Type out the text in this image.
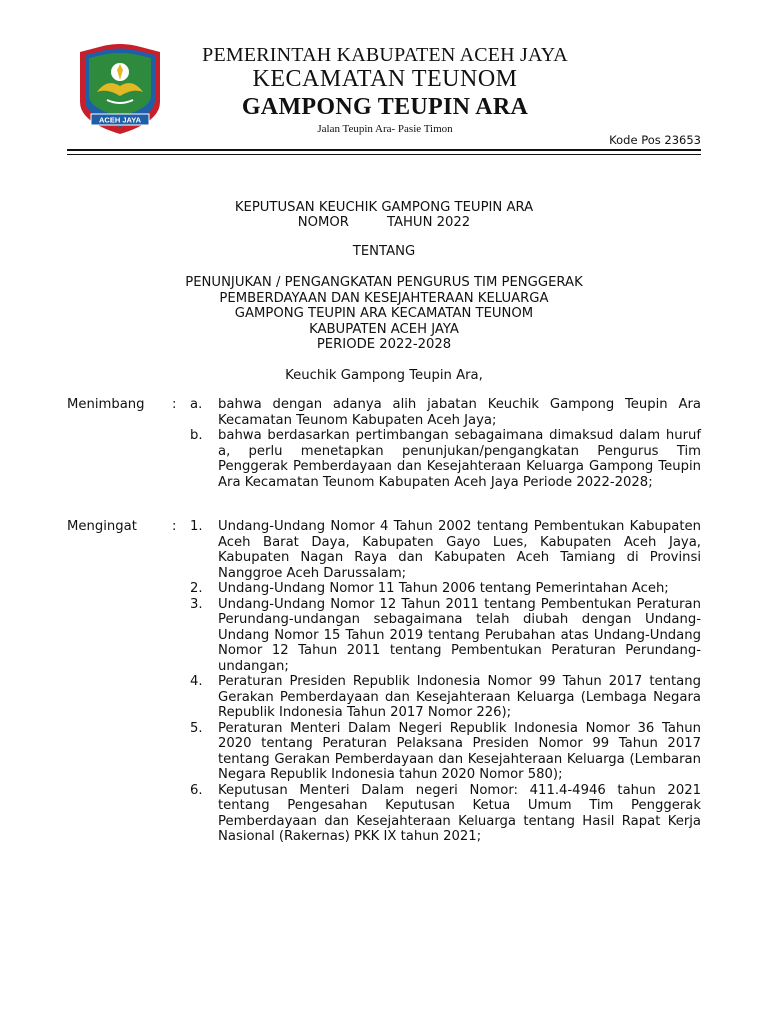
ACEH JAYA
PEMERINTAH KABUPATEN ACEH JAYA
KECAMATAN TEUNOM
GAMPONG TEUPIN ARA
Jalan Teupin Ara- Pasie Timon
Kode Pos 23653
KEPUTUSAN KEUCHIK GAMPONG TEUPIN ARA
NOMOR	TAHUN 2022
TENTANG
PENUNJUKAN / PENGANGKATAN PENGURUS TIM PENGGERAK
PEMBERDAYAAN DAN KESEJAHTERAAN KELUARGA
GAMPONG TEUPIN ARA KECAMATAN TEUNOM
KABUPATEN ACEH JAYA
PERIODE 2022-2028
Keuchik Gampong Teupin Ara,
Menimbang : a.	bahwa dengan adanya alih jabatan Keuchik Gampong Teupin Ara Kecamatan Teunom Kabupaten Aceh Jaya;
b.	bahwa berdasarkan pertimbangan sebagaimana dimaksud dalam huruf a, perlu menetapkan penunjukan/pengangkatan Pengurus Tim Penggerak Pemberdayaan dan Kesejahteraan Keluarga Gampong Teupin Ara Kecamatan Teunom Kabupaten Aceh Jaya Periode 2022-2028;
Mengingat	: 1.	Undang-Undang Nomor 4 Tahun 2002 tentang Pembentukan Kabupaten Aceh Barat Daya, Kabupaten Gayo Lues, Kabupaten Aceh Jaya, Kabupaten Nagan Raya dan Kabupaten Aceh Tamiang di Provinsi Nanggroe Aceh Darussalam;
2.	Undang-Undang Nomor 11 Tahun 2006 tentang Pemerintahan Aceh;
3.	Undang-Undang Nomor 12 Tahun 2011 tentang Pembentukan Peraturan Perundang-undangan sebagaimana telah diubah dengan Undang-Undang Nomor 15 Tahun 2019 tentang Perubahan atas Undang-Undang Nomor 12 Tahun 2011 tentang Pembentukan Peraturan Perundang-undangan;
4.	Peraturan Presiden Republik Indonesia Nomor 99 Tahun 2017 tentang Gerakan Pemberdayaan dan Kesejahteraan Keluarga (Lembaga Negara Republik Indonesia Tahun 2017 Nomor 226);
5.	Peraturan Menteri Dalam Negeri Republik Indonesia Nomor 36 Tahun 2020 tentang Peraturan Pelaksana Presiden Nomor 99 Tahun 2017 tentang Gerakan Pemberdayaan dan Kesejahteraan Keluarga (Lembaran Negara Republik Indonesia tahun 2020 Nomor 580);
6.	Keputusan Menteri Dalam negeri Nomor: 411.4-4946 tahun 2021 tentang Pengesahan Keputusan Ketua Umum Tim Penggerak Pemberdayaan dan Kesejahteraan Keluarga tentang Hasil Rapat Kerja Nasional (Rakernas) PKK IX tahun 2021;
